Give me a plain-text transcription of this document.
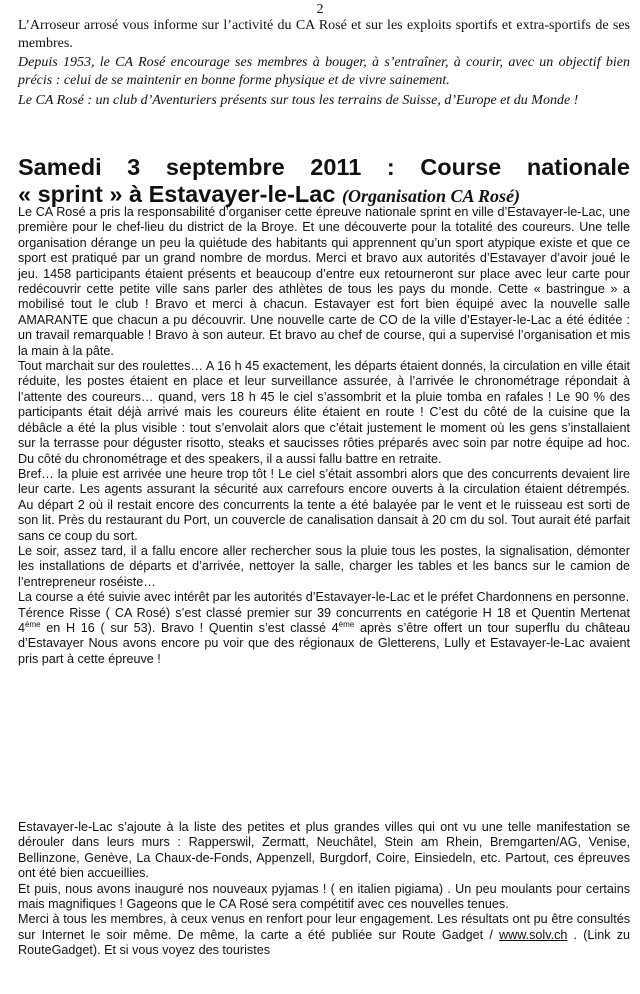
2

L’Arroseur arrosé vous informe sur l’activité du CA Rosé et sur les exploits sportifs et extra-sportifs de ses membres.

Depuis 1953, le CA Rosé encourage ses membres à bouger, à s’entraîner, à courir, avec un objectif bien précis : celui de se maintenir en bonne forme physique et de vivre sainement.

Le CA Rosé : un club d’Aventuriers présents sur tous les terrains de Suisse, d’Europe et du Monde !

Samedi 3 septembre 2011 : Course nationale
« sprint » à Estavayer-le-Lac (Organisation CA Rosé)

Le CA Rosé a pris la responsabilité d’organiser cette épreuve nationale sprint en ville d’Estavayer-le-Lac, une première pour le chef-lieu du district de la Broye. Et une découverte pour la totalité des coureurs. Une telle organisation dérange un peu la quiétude des habitants qui apprennent qu’un sport atypique existe et que ce sport est pratiqué par un grand nombre de mordus. Merci et bravo aux autorités d’Estavayer d’avoir joué le jeu. 1458 participants étaient présents et beaucoup d’entre eux retourneront sur place avec leur carte pour redécouvrir cette petite ville sans parler des athlètes de tous les pays du monde. Cette « bastringue » a mobilisé tout le club ! Bravo et merci à chacun. Estavayer est fort bien équipé avec la nouvelle salle AMARANTE que chacun a pu découvrir. Une nouvelle carte de CO de la ville d’Estayer-le-Lac a été éditée : un travail remarquable ! Bravo à son auteur. Et bravo au chef de course, qui a supervisé l’organisation et mis la main à la pâte.

Tout marchait sur des roulettes… A 16 h 45 exactement, les départs étaient donnés, la circulation en ville était réduite, les postes étaient en place et leur surveillance assurée, à l’arrivée le chronométrage répondait à l’attente des coureurs… quand, vers 18 h 45 le ciel s’assombrit et la pluie tomba en rafales ! Le 90 % des participants était déjà arrivé mais les coureurs élite étaient en route ! C’est du côté de la cuisine que la débâcle a été la plus visible : tout s’envolait alors que c’était justement le moment où les gens s’installaient sur la terrasse pour déguster risotto, steaks et saucisses rôties préparés avec soin par notre équipe ad hoc. Du côté du chronométrage et des speakers, il a aussi fallu battre en retraite.

Bref… la pluie est arrivée une heure trop tôt ! Le ciel s’était assombri alors que des concurrents devaient lire leur carte. Les agents assurant la sécurité aux carrefours encore ouverts à la circulation étaient détrempés. Au départ 2 où il restait encore des concurrents la tente a été balayée par le vent et le ruisseau est sorti de son lit. Près du restaurant du Port, un couvercle de canalisation dansait à 20 cm du sol. Tout aurait été parfait sans ce coup du sort.

Le soir, assez tard, il a fallu encore aller rechercher sous la pluie tous les postes, la signalisation, démonter les installations de départs et d’arrivée, nettoyer la salle, charger les tables et les bancs sur le camion de l’entrepreneur roséiste…

La course a été suivie avec intérêt par les autorités d’Estavayer-le-Lac et le préfet Chardonnens en personne.

Térence Risse ( CA Rosé) s’est classé premier sur 39 concurrents en catégorie H 18 et Quentin Mertenat 4ème en H 16 ( sur 53). Bravo ! Quentin s’est classé 4ème après s’être offert un tour superflu du château d’Estavayer Nous avons encore pu voir que des régionaux de Gletterens, Lully et Estavayer-le-Lac avaient pris part à cette épreuve !

Estavayer-le-Lac s’ajoute à la liste des petites et plus grandes villes qui ont vu une telle manifestation se dérouler dans leurs murs : Rapperswil, Zermatt, Neuchâtel, Stein am Rhein, Bremgarten/AG, Venise, Bellinzone, Genève, La Chaux-de-Fonds, Appenzell, Burgdorf, Coire, Einsiedeln, etc. Partout, ces épreuves ont été bien accueillies.

Et puis, nous avons inauguré nos nouveaux pyjamas ! ( en italien pigiama) . Un peu moulants pour certains mais magnifiques ! Gageons que le CA Rosé sera compétitif avec ces nouvelles tenues.

Merci à tous les membres, à ceux venus en renfort pour leur engagement. Les résultats ont pu être consultés sur Internet le soir même. De même, la carte a été publiée sur Route Gadget / www.solv.ch . (Link zu RouteGadget). Et si vous voyez des touristes
